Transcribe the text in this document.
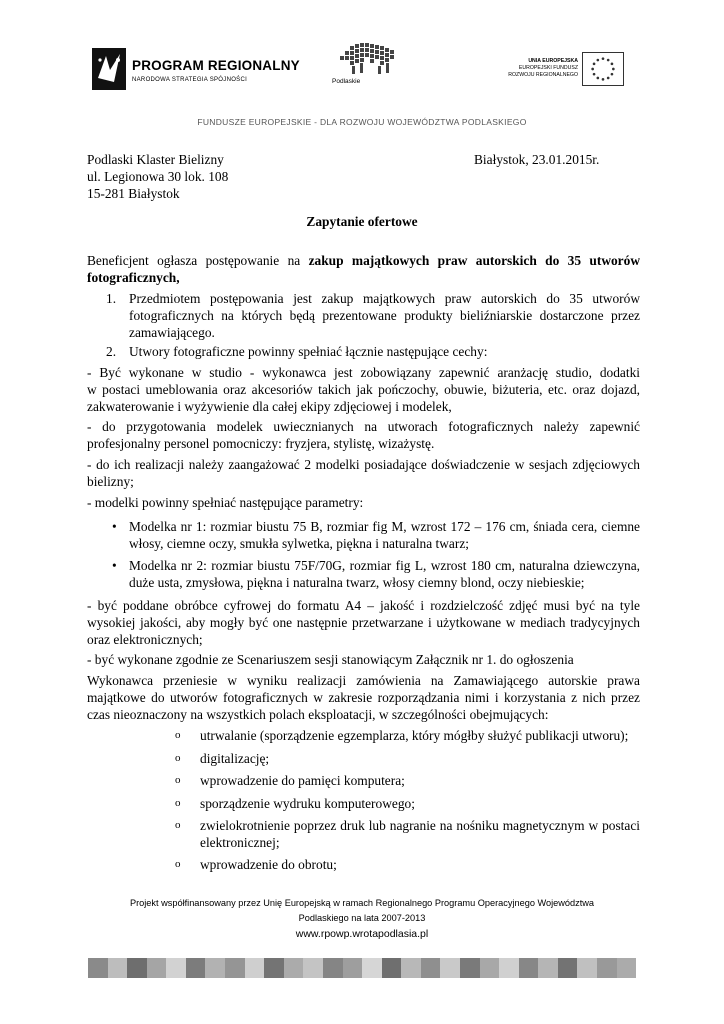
PROGRAM REGIONALNY
NARODOWA STRATEGIA SPÓJNOŚCI	Podlaskie
UNIA EUROPEJSKA
EUROPEJSKI FUNDUSZ
ROZWOJU REGIONALNEGO
FUNDUSZE EUROPEJSKIE - DLA ROZWOJU WOJEWÓDZTWA PODLASKIEGO
Podlaski Klaster Bielizny
ul. Legionowa 30 lok. 108
15-281 Białystok
Białystok, 23.01.2015r.
Zapytanie ofertowe
Beneficjent ogłasza postępowanie na zakup majątkowych praw autorskich do 35 utworów
fotograficznych,
1. Przedmiotem postępowania jest zakup majątkowych praw autorskich do 35 utworów
fotograficznych na których będą prezentowane produkty bieliźniarskie dostarczone przez
zamawiającego.
2. Utwory fotograficzne powinny spełniać łącznie następujące cechy:
- Być wykonane w studio - wykonawca jest zobowiązany zapewnić aranżację studio, dodatki
w postaci umeblowania oraz akcesoriów takich jak pończochy, obuwie, biżuteria, etc. oraz dojazd,
zakwaterowanie i wyżywienie dla całej ekipy zdjęciowej i modelek,
- do przygotowania modelek uwiecznianych na utworach fotograficznych należy zapewnić
profesjonalny personel pomocniczy: fryzjera, stylistę, wizażystę.
- do ich realizacji należy zaangażować 2 modelki posiadające doświadczenie w sesjach zdjęciowych
bielizny;
- modelki powinny spełniać następujące parametry:
• Modelka nr 1: rozmiar biustu 75 B, rozmiar fig M, wzrost 172 – 176 cm, śniada cera, ciemne
włosy, ciemne oczy, smukła sylwetka, piękna i naturalna twarz;
• Modelka nr 2: rozmiar biustu 75F/70G, rozmiar fig L, wzrost 180 cm, naturalna dziewczyna,
duże usta, zmysłowa, piękna i naturalna twarz, włosy ciemny blond, oczy niebieskie;
- być poddane obróbce cyfrowej do formatu A4 – jakość i rozdzielczość zdjęć musi być na tyle
wysokiej jakości, aby mogły być one następnie przetwarzane i użytkowane w mediach tradycyjnych
oraz elektronicznych;
- być wykonane zgodnie ze Scenariuszem sesji stanowiącym Załącznik nr 1. do ogłoszenia
Wykonawca przeniesie w wyniku realizacji zamówienia na Zamawiającego autorskie prawa
majątkowe do utworów fotograficznych w zakresie rozporządzania nimi i korzystania z nich przez
czas nieoznaczony na wszystkich polach eksploatacji, w szczególności obejmujących:
o utrwalanie (sporządzenie egzemplarza, który mógłby służyć publikacji utworu);
o digitalizację;
o wprowadzenie do pamięci komputera;
o sporządzenie wydruku komputerowego;
o zwielokrotnienie poprzez druk lub nagranie na nośniku magnetycznym w postaci
elektronicznej;
o wprowadzenie do obrotu;
Projekt współfinansowany przez Unię Europejską w ramach Regionalnego Programu Operacyjnego Województwa
Podlaskiego na lata 2007-2013
www.rpowp.wrotapodlasia.pl
